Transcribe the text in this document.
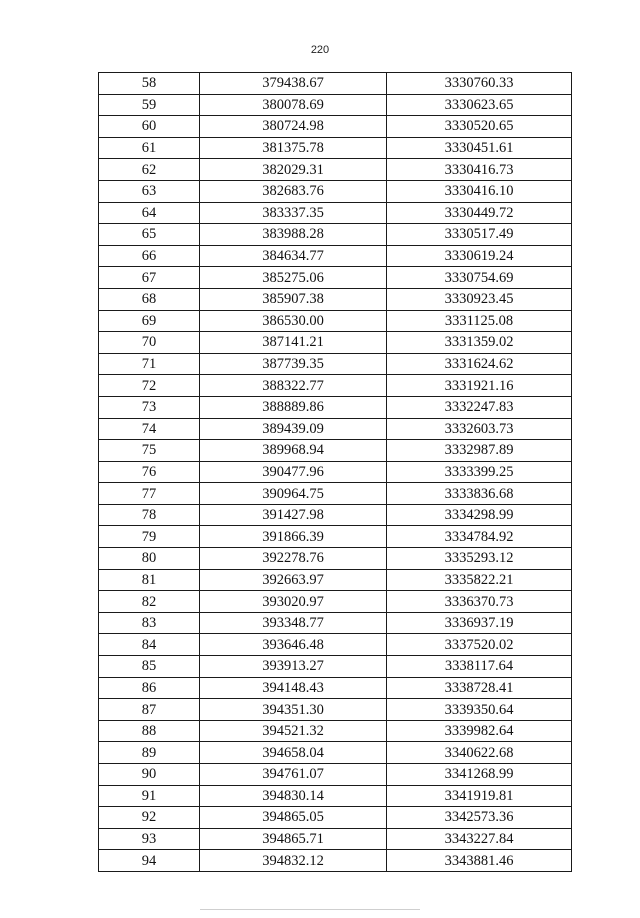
220
58	379438.67	3330760.33
59	380078.69	3330623.65
60	380724.98	3330520.65
61	381375.78	3330451.61
62	382029.31	3330416.73
63	382683.76	3330416.10
64	383337.35	3330449.72
65	383988.28	3330517.49
66	384634.77	3330619.24
67	385275.06	3330754.69
68	385907.38	3330923.45
69	386530.00	3331125.08
70	387141.21	3331359.02
71	387739.35	3331624.62
72	388322.77	3331921.16
73	388889.86	3332247.83
74	389439.09	3332603.73
75	389968.94	3332987.89
76	390477.96	3333399.25
77	390964.75	3333836.68
78	391427.98	3334298.99
79	391866.39	3334784.92
80	392278.76	3335293.12
81	392663.97	3335822.21
82	393020.97	3336370.73
83	393348.77	3336937.19
84	393646.48	3337520.02
85	393913.27	3338117.64
86	394148.43	3338728.41
87	394351.30	3339350.64
88	394521.32	3339982.64
89	394658.04	3340622.68
90	394761.07	3341268.99
91	394830.14	3341919.81
92	394865.05	3342573.36
93	394865.71	3343227.84
94	394832.12	3343881.46
